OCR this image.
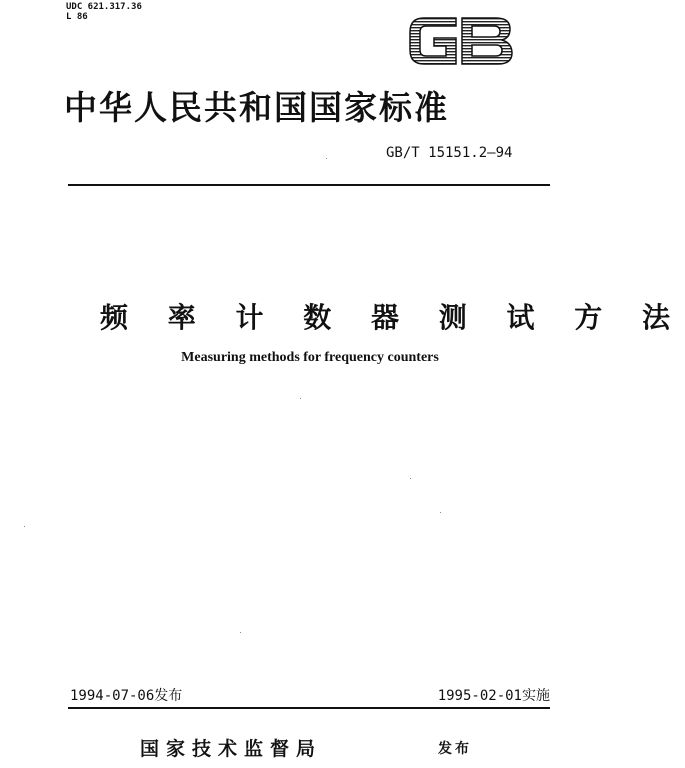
UDC 621.317.36
L 86	GB
中华人民共和国国家标准
GB/T 15151.2—94
频 率 计 数 器 测 试 方 法
Measuring methods for frequency counters
1994-07-06发布	1995-02-01实施
国家技术监督局	发布
